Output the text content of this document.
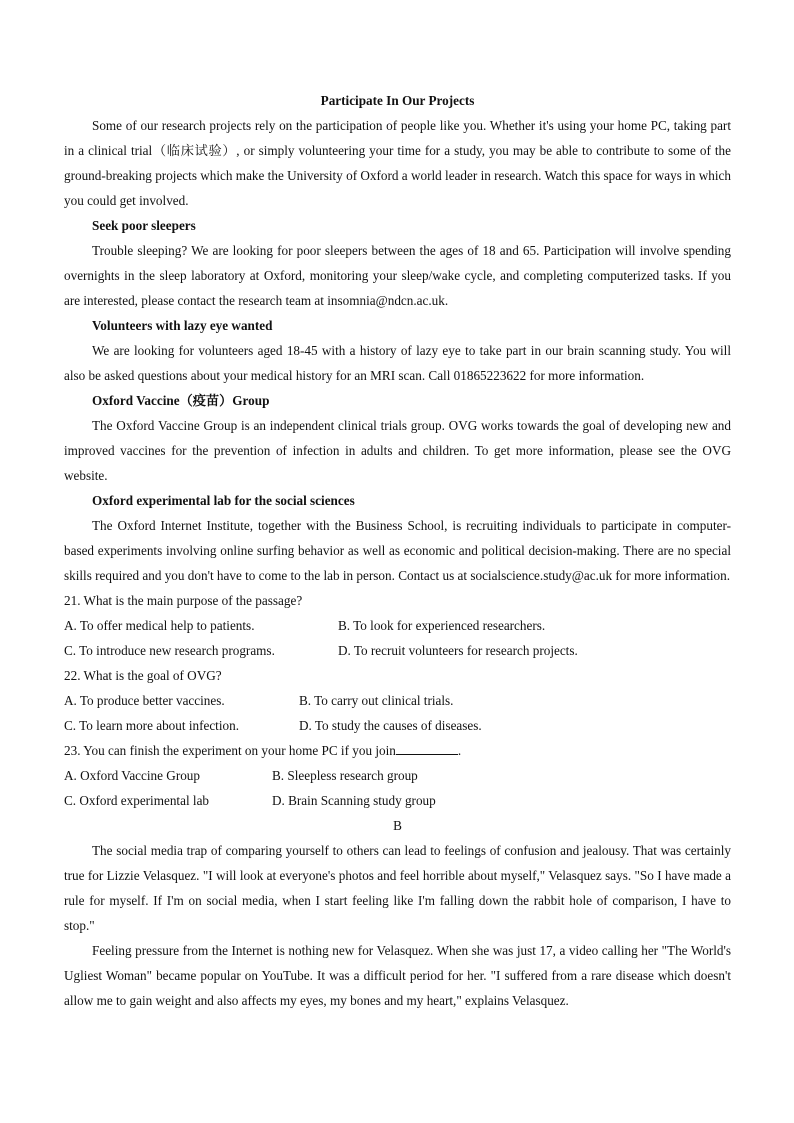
Participate In Our Projects

Some of our research projects rely on the participation of people like you. Whether it's using your home PC, taking part in a clinical trial（临床试验）, or simply volunteering your time for a study, you may be able to contribute to some of the ground-breaking projects which make the University of Oxford a world leader in research. Watch this space for ways in which you could get involved.

Seek poor sleepers

Trouble sleeping? We are looking for poor sleepers between the ages of 18 and 65. Participation will involve spending overnights in the sleep laboratory at Oxford, monitoring your sleep/wake cycle, and completing computerized tasks. If you are interested, please contact the research team at insomnia@ndcn.ac.uk.

Volunteers with lazy eye wanted

We are looking for volunteers aged 18-45 with a history of lazy eye to take part in our brain scanning study. You will also be asked questions about your medical history for an MRI scan. Call 01865223622 for more information.

Oxford Vaccine（疫苗）Group

The Oxford Vaccine Group is an independent clinical trials group. OVG works towards the goal of developing new and improved vaccines for the prevention of infection in adults and children. To get more information, please see the OVG website.

Oxford experimental lab for the social sciences

The Oxford Internet Institute, together with the Business School, is recruiting individuals to participate in computer-based experiments involving online surfing behavior as well as economic and political decision-making. There are no special skills required and you don't have to come to the lab in person. Contact us at socialscience.study@ac.uk for more information.

21. What is the main purpose of the passage?
A. To offer medical help to patients.	B. To look for experienced researchers.
C. To introduce new research programs.	D. To recruit volunteers for research projects.
22. What is the goal of OVG?
A. To produce better vaccines.	B. To carry out clinical trials.
C. To learn more about infection.	D. To study the causes of diseases.
23. You can finish the experiment on your home PC if you join	.
A. Oxford Vaccine Group	B. Sleepless research group
C. Oxford experimental lab	D. Brain Scanning study group
B

The social media trap of comparing yourself to others can lead to feelings of confusion and jealousy. That was certainly true for Lizzie Velasquez. "I will look at everyone's photos and feel horrible about myself," Velasquez says. "So I have made a rule for myself. If I'm on social media, when I start feeling like I'm falling down the rabbit hole of comparison, I have to stop."

Feeling pressure from the Internet is nothing new for Velasquez. When she was just 17, a video calling her "The World's Ugliest Woman" became popular on YouTube. It was a difficult period for her. "I suffered from a rare disease which doesn't allow me to gain weight and also affects my eyes, my bones and my heart," explains Velasquez.
